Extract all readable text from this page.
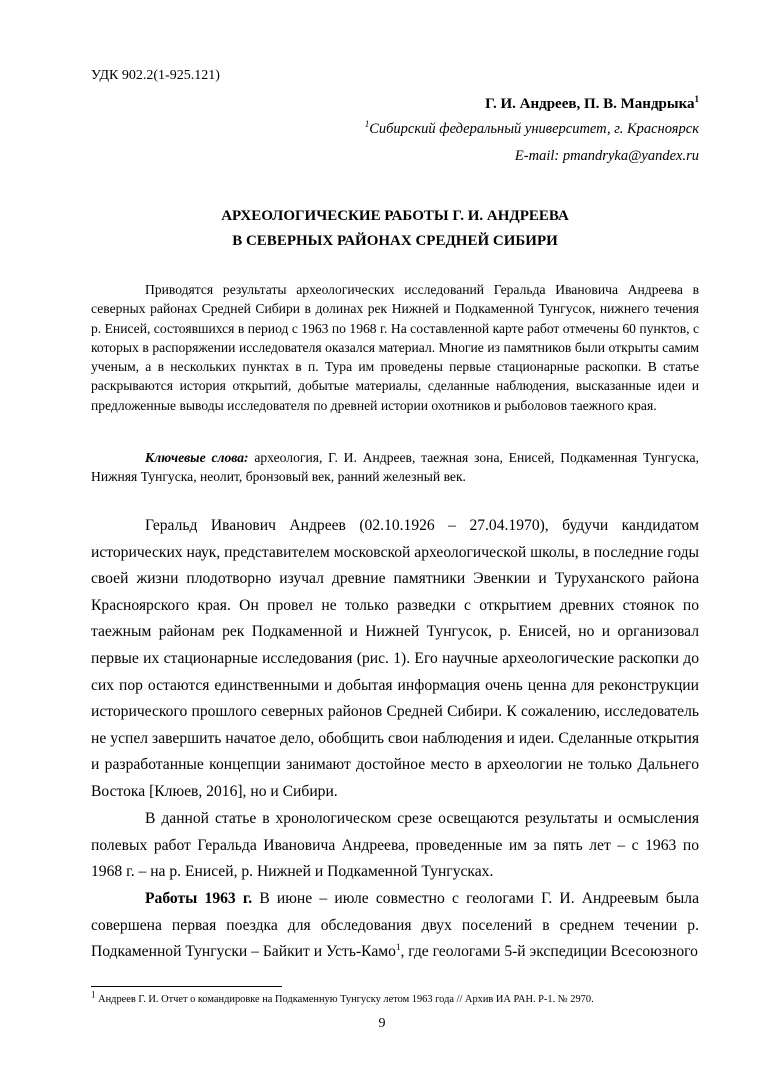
УДК 902.2(1-925.121)
Г. И. Андреев, П. В. Мандрыка$^1$
$^1$Сибирский федеральный университет, г. Красноярск
E-mail: pmandryka@yandex.ru
АРХЕОЛОГИЧЕСКИЕ РАБОТЫ Г. И. АНДРЕЕВА
В СЕВЕРНЫХ РАЙОНАХ СРЕДНЕЙ СИБИРИ

Приводятся результаты археологических исследований Геральда Ивановича Андреева в северных районах Средней Сибири в долинах рек Нижней и Подкаменной Тунгусок, нижнего течения р. Енисей, состоявшихся в период с 1963 по 1968 г. На составленной карте работ отмечены 60 пунктов, с которых в распоряжении исследователя оказался материал. Многие из памятников были открыты самим ученым, а в нескольких пунктах в п. Тура им проведены первые стационарные раскопки. В статье раскрываются история открытий, добытые материалы, сделанные наблюдения, высказанные идеи и предложенные выводы исследователя по древней истории охотников и рыболовов таежного края.

Ключевые слова: археология, Г. И. Андреев, таежная зона, Енисей, Подкаменная Тунгуска, Нижняя Тунгуска, неолит, бронзовый век, ранний железный век.

Геральд Иванович Андреев (02.10.1926 – 27.04.1970), будучи кандидатом исторических наук, представителем московской археологической школы, в последние годы своей жизни плодотворно изучал древние памятники Эвенкии и Туруханского района Красноярского края. Он провел не только разведки с открытием древних стоянок по таежным районам рек Подкаменной и Нижней Тунгусок, р. Енисей, но и организовал первые их стационарные исследования (рис. 1). Его научные археологические раскопки до сих пор остаются единственными и добытая информация очень ценна для реконструкции исторического прошлого северных районов Средней Сибири. К сожалению, исследователь не успел завершить начатое дело, обобщить свои наблюдения и идеи. Сделанные открытия и разработанные концепции занимают достойное место в археологии не только Дальнего Востока [Клюев, 2016], но и Сибири.

В данной статье в хронологическом срезе освещаются результаты и осмысления полевых работ Геральда Ивановича Андреева, проведенные им за пять лет – с 1963 по 1968 г. – на р. Енисей, р. Нижней и Подкаменной Тунгусках.

Работы 1963 г. В июне – июле совместно с геологами Г. И. Андреевым была совершена первая поездка для обследования двух поселений в среднем течении р. Подкаменной Тунгуски – Байкит и Усть-Камо$^1$, где геологами 5-й экспедиции Всесоюзного

$^1$ Андреев Г. И. Отчет о командировке на Подкаменную Тунгуску летом 1963 года // Архив ИА РАН. Р-1. № 2970.
9
